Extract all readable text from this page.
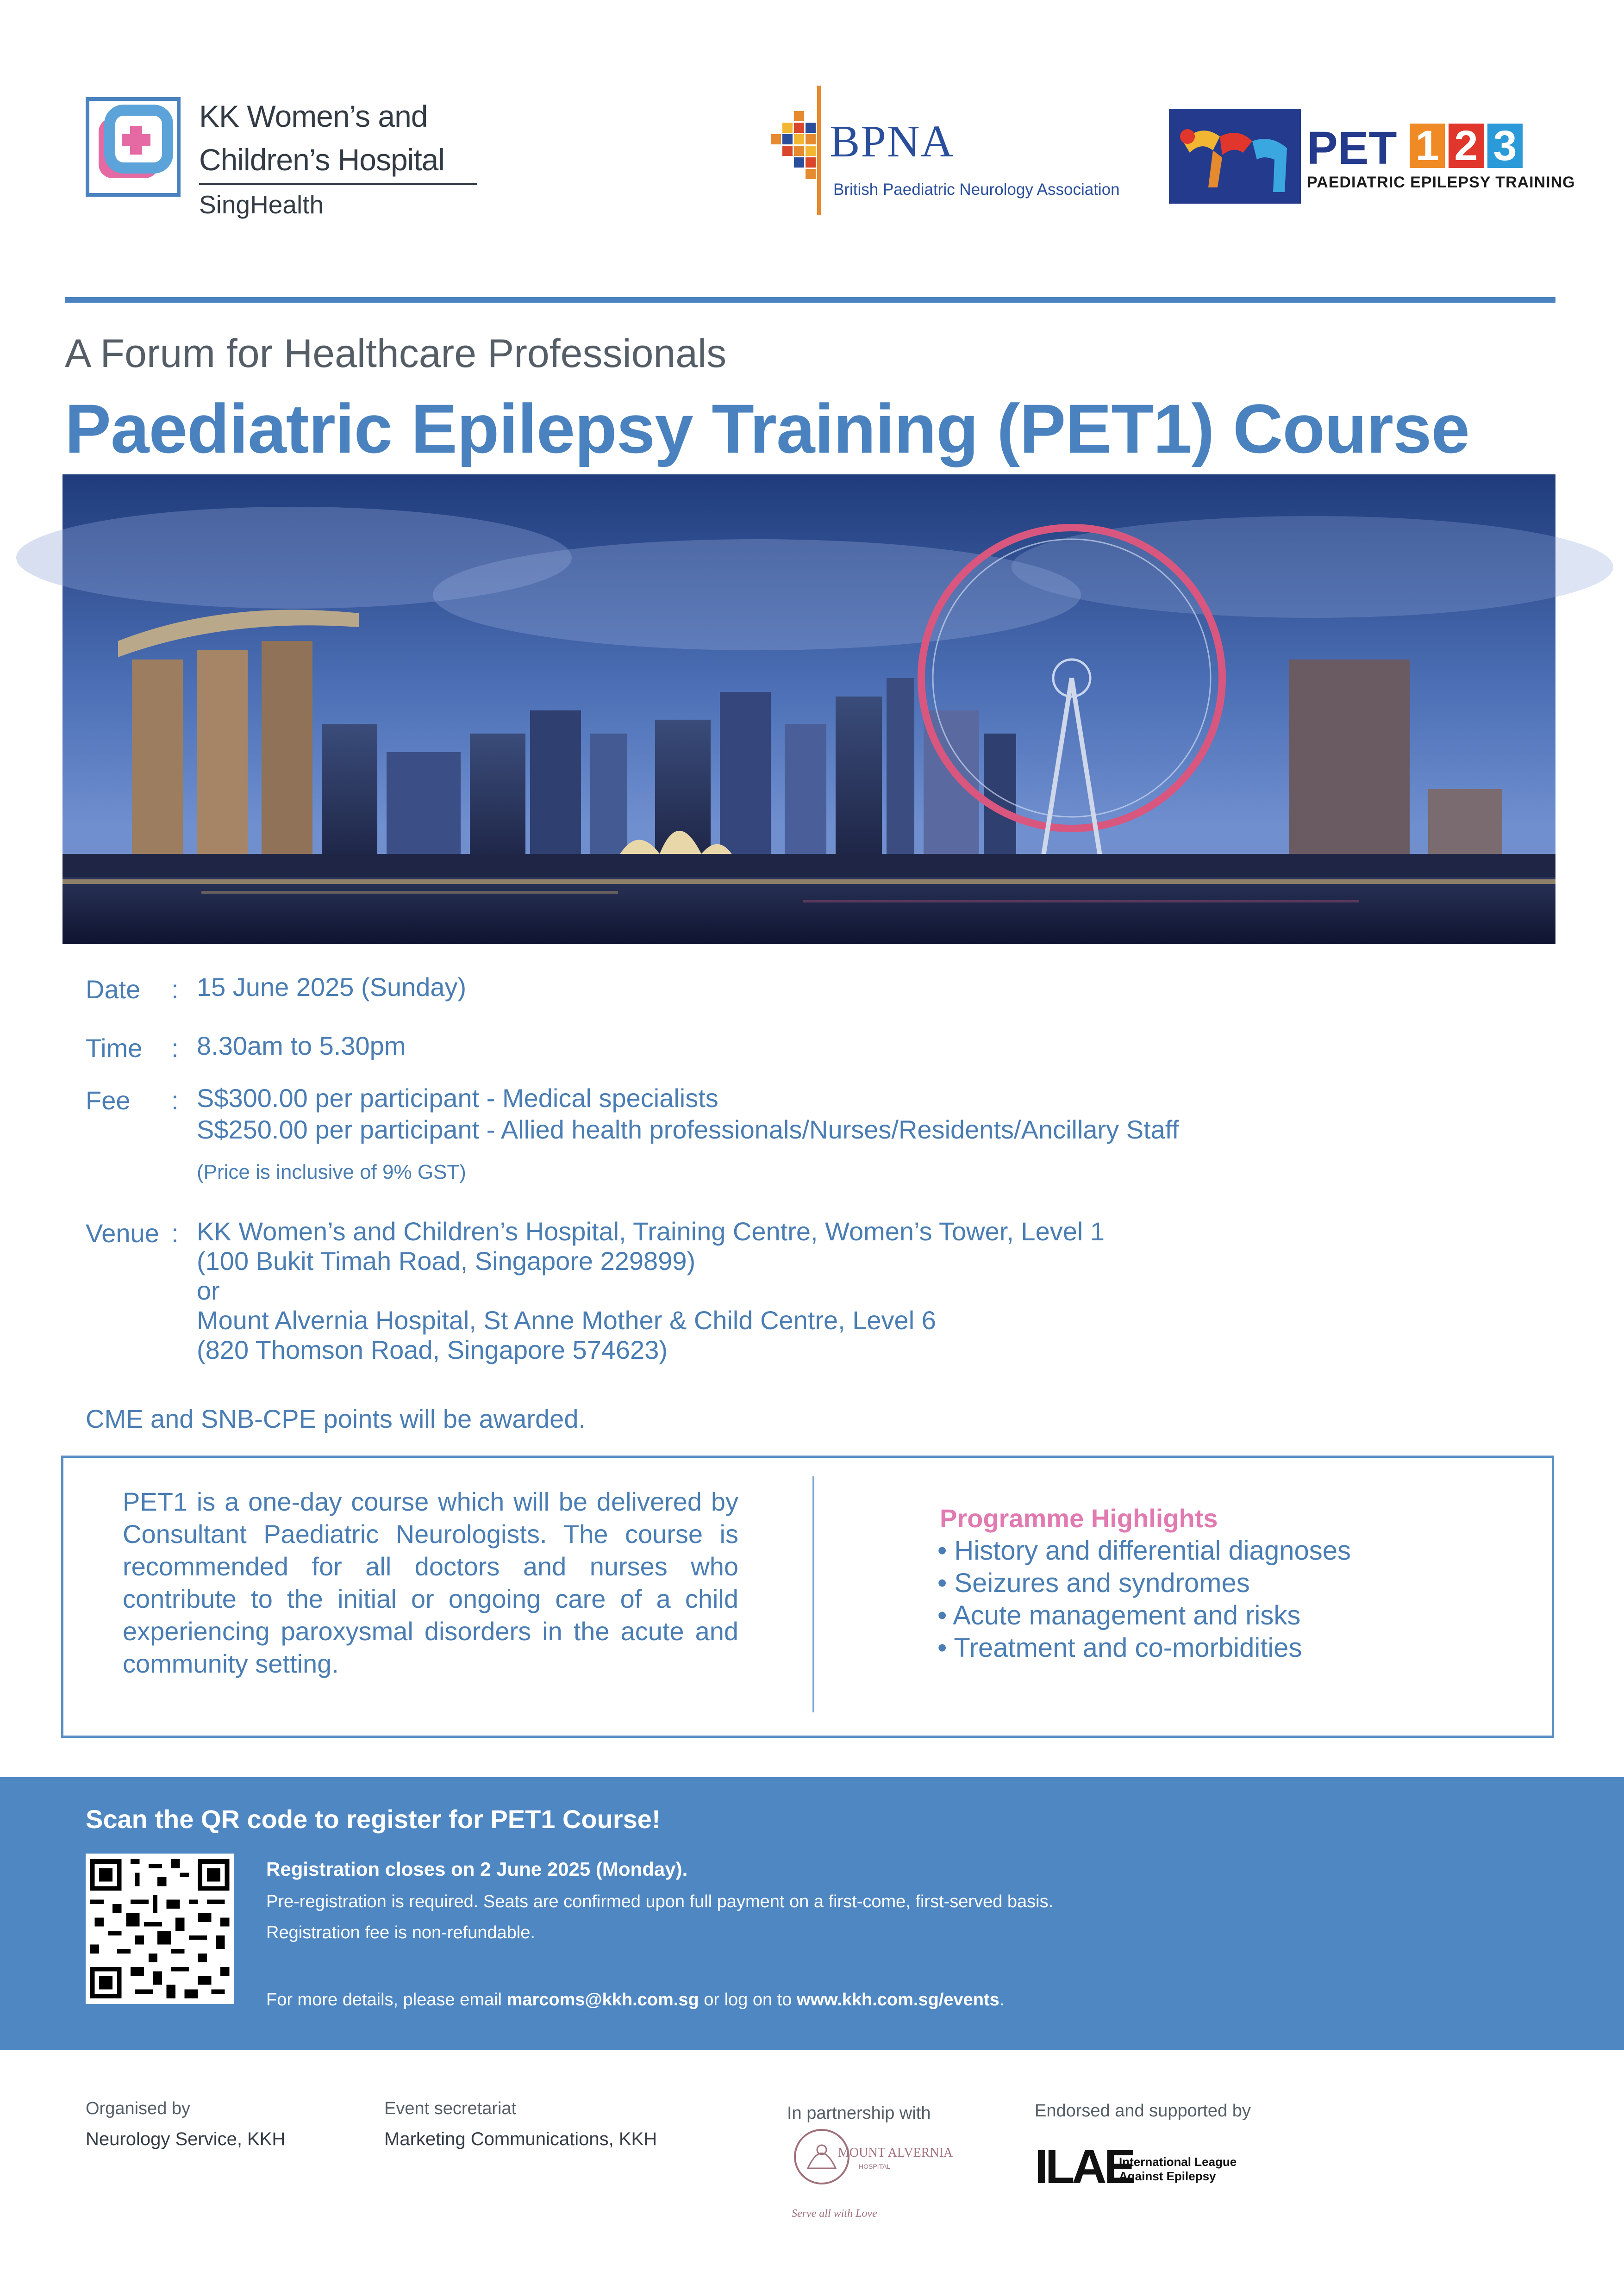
KK Women’s and
Children’s Hospital
SingHealth
BPNA
British Paediatric Neurology Association
PET 1 2 3
PAEDIATRIC EPILEPSY TRAINING
A Forum for Healthcare Professionals
Paediatric Epilepsy Training (PET1) Course
Date : 15 June 2025 (Sunday)
Time : 8.30am to 5.30pm
Fee : S$300.00 per participant - Medical specialists
S$250.00 per participant - Allied health professionals/Nurses/Residents/Ancillary Staff
(Price is inclusive of 9% GST)
Venue : KK Women’s and Children’s Hospital, Training Centre, Women’s Tower, Level 1
(100 Bukit Timah Road, Singapore 229899)
or
Mount Alvernia Hospital, St Anne Mother & Child Centre, Level 6
(820 Thomson Road, Singapore 574623)
CME and SNB-CPE points will be awarded.
PET1 is a one-day course which will be delivered by Consultant Paediatric Neurologists. The course is recommended for all doctors and nurses who contribute to the initial or ongoing care of a child experiencing paroxysmal disorders in the acute and community setting.
Programme Highlights
• History and differential diagnoses
• Seizures and syndromes
• Acute management and risks
• Treatment and co-morbidities
Scan the QR code to register for PET1 Course!
Registration closes on 2 June 2025 (Monday).
Pre-registration is required. Seats are confirmed upon full payment on a first-come, first-served basis.
Registration fee is non-refundable.
For more details, please email marcoms@kkh.com.sg or log on to www.kkh.com.sg/events.
Organised by
Neurology Service, KKH
Event secretariat
Marketing Communications, KKH
In partnership with
MOUNT ALVERNIA
HOSPITAL
Serve all with Love
Endorsed and supported by
ILAE
International League
Against Epilepsy
